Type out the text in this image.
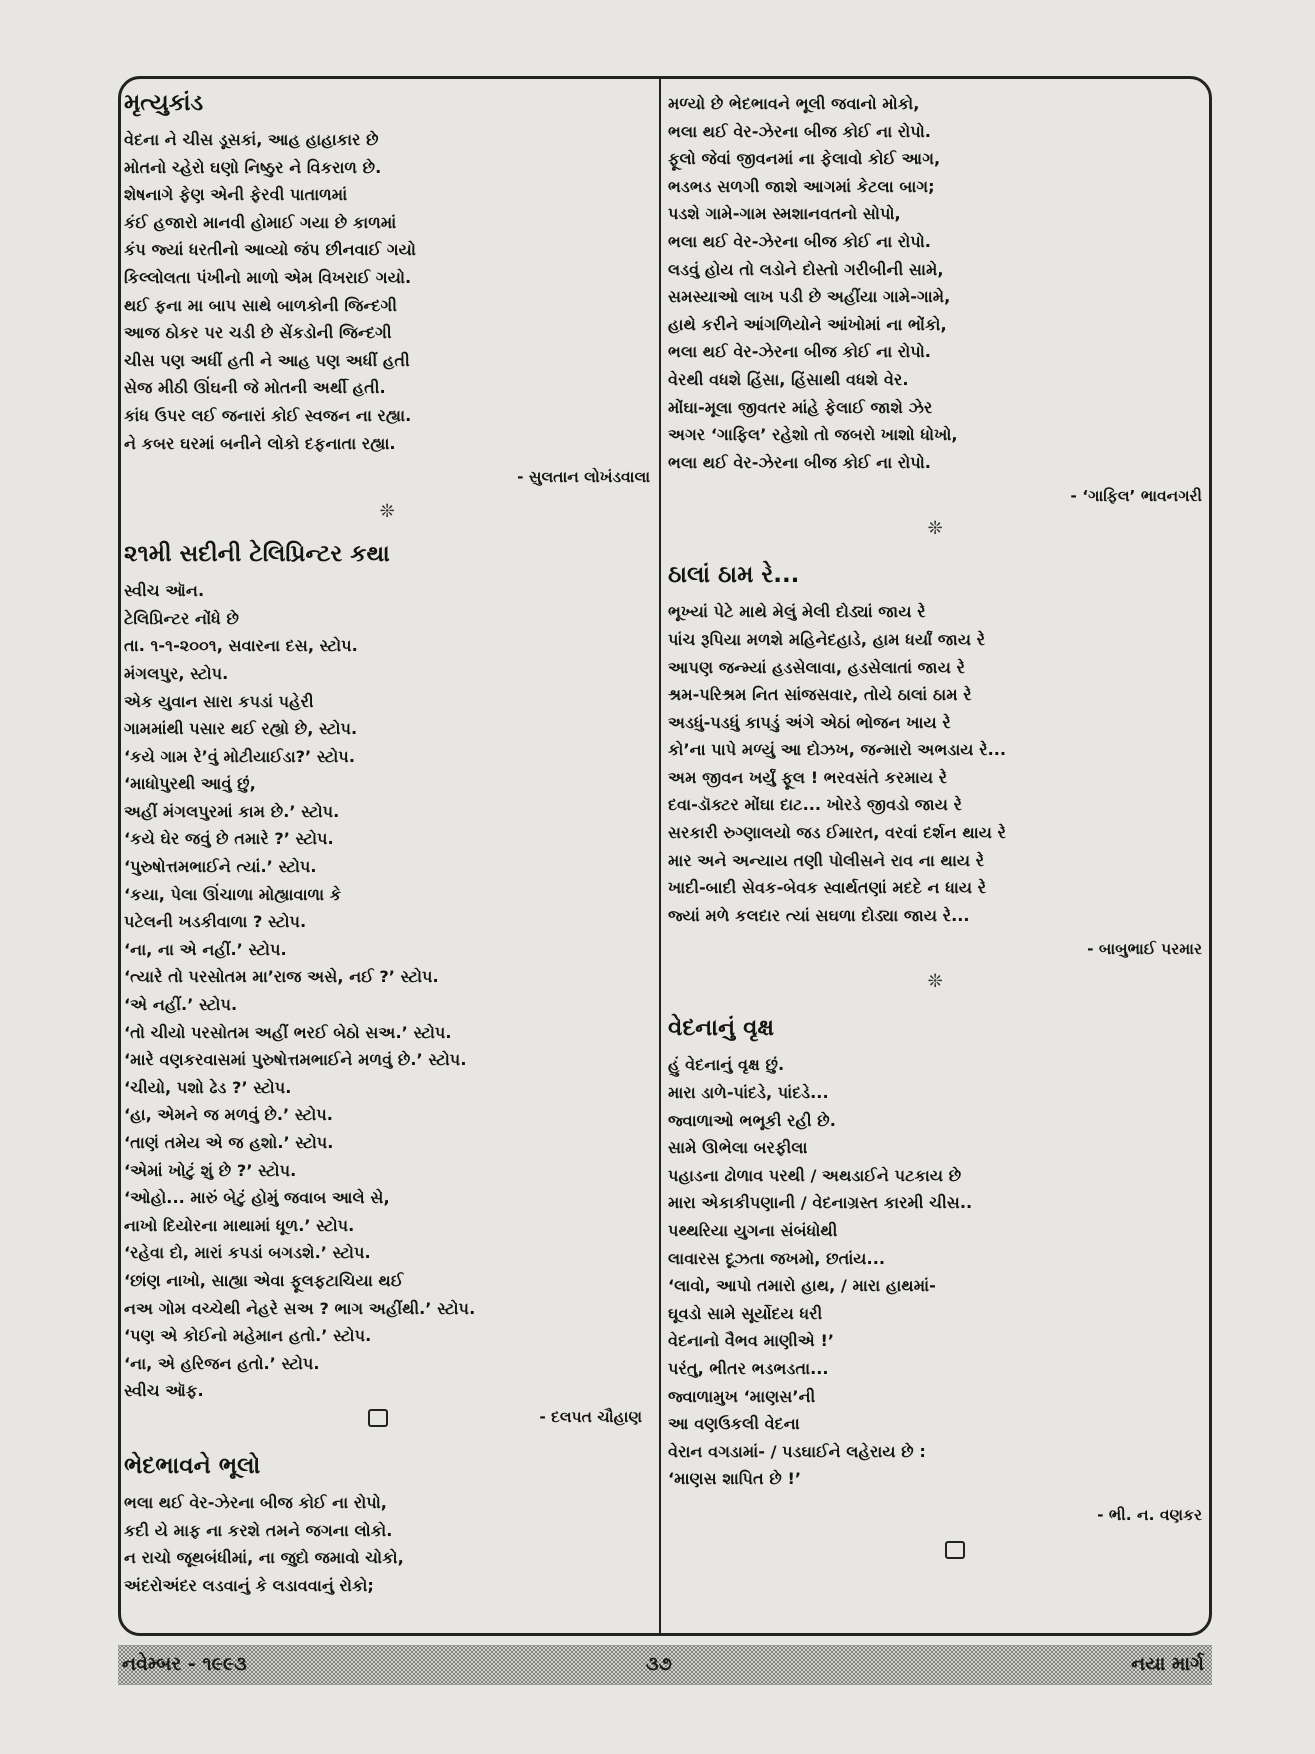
મૃત્યુકાંડ
વેદના ને ચીસ ડૂસકાં, આહ હાહાકાર છે
મોતનો ચ્હેરો ઘણો નિષ્ઠુર ને વિકરાળ છે.
શેષનાગે ફેણ એની ફેરવી પાતાળમાં
કંઈ હજારો માનવી હોમાઈ ગયા છે કાળમાં
કંપ જ્યાં ધરતીનો આવ્યો જંપ છીનવાઈ ગયો
કિલ્લોલતા પંખીનો માળો એમ વિખરાઈ ગયો.
થઈ ફના મા બાપ સાથે બાળકોની જિન્દગી
આજ ઠોકર પર ચડી છે સેંકડોની જિન્દગી
ચીસ પણ અધીં હતી ને આહ પણ અધીં હતી
સેજ મીઠી ઊંઘની જે મોતની અર્થી હતી.
કાંધ ઉપર લઈ જનારાં કોઈ સ્વજન ના રહ્યા.
ને કબર ઘરમાં બનીને લોકો દફનાતા રહ્યા.
- સુલતાન લોખંડવાલા
❊
૨૧મી સદીની ટેલિપ્રિન્ટર કથા
સ્વીચ ઑન.
ટેલિપ્રિન્ટર નોંધે છે
તા. ૧-૧-૨૦૦૧, સવારના દસ, સ્ટોપ.
મંગલપુર, સ્ટોપ.
એક યુવાન સારા કપડાં પહેરી
ગામમાંથી પસાર થઈ રહ્યો છે, સ્ટોપ.
‘કયે ગામ રે’વું મોટીયાઈડા?’ સ્ટોપ.
‘માધોપુરથી આવું છું,
અહીં મંગલપુરમાં કામ છે.’ સ્ટોપ.
‘કયે ઘેર જવું છે તમારે ?’ સ્ટોપ.
‘પુરુષોત્તમભાઈને ત્યાં.’ સ્ટોપ.
‘કયા, પેલા ઊંચાળા મોહ્યાવાળા કે
પટેલની ખડકીવાળા ? સ્ટોપ.
‘ના, ના એ નહીં.’ સ્ટોપ.
‘ત્યારે તો પરસોતમ મા’રાજ અસે, નઈ ?’ સ્ટોપ.
‘એ નહીં.’ સ્ટોપ.
‘તો ચીયો પરસોતમ અહીં ભરઈ બેઠો સઅ.’ સ્ટોપ.
‘મારે વણકરવાસમાં પુરુષોત્તમભાઈને મળવું છે.’ સ્ટોપ.
‘ચીયો, પશો ઢેડ ?’ સ્ટોપ.
‘હા, એમને જ મળવું છે.’ સ્ટોપ.
‘તાણં તમેય એ જ હશો.’ સ્ટોપ.
‘એમાં ખોટું શું છે ?’ સ્ટોપ.
‘ઓહો... મારું બેટું હોમું જવાબ આલે સે,
નાખો દિયોરના માથામાં ધૂળ.’ સ્ટોપ.
‘રહેવા દો, મારાં કપડાં બગડશે.’ સ્ટોપ.
‘છાંણ નાખો, સાહ્યા એવા ફૂલફટાચિયા થઈ
નઅ ગોમ વચ્ચેથી નેહરે સઅ ? ભાગ અહીંથી.’ સ્ટોપ.
‘પણ એ કોઈનો મહેમાન હતો.’ સ્ટોપ.
‘ના, એ હરિજન હતો.’ સ્ટોપ.
સ્વીચ ઑફ.
- દલપત ચૌહાણ
ભેદભાવને ભૂલો
ભલા થઈ વેર-ઝેરના બીજ કોઈ ના રોપો,
કદી યે માફ ના કરશે તમને જગના લોકો.
ન રાચો જૂથબંધીમાં, ના જુદો જમાવો ચોકો,
અંદરોઅંદર લડવાનું કે લડાવવાનું રોકો;
મળ્યો છે ભેદભાવને ભૂલી જવાનો મોકો,
ભલા થઈ વેર-ઝેરના બીજ કોઈ ના રોપો.
ફૂલો જેવાં જીવનમાં ના ફેલાવો કોઈ આગ,
ભડભડ સળગી જાશે આગમાં કેટલા બાગ;
પડશે ગામે-ગામ સ્મશાનવતનો સોપો,
ભલા થઈ વેર-ઝેરના બીજ કોઈ ના રોપો.
લડવું હોય તો લડોને દોસ્તો ગરીબીની સામે,
સમસ્યાઓ લાખ પડી છે અહીંયા ગામે-ગામે,
હાથે કરીને આંગળિયોને આંખોમાં ના ભોંકો,
ભલા થઈ વેર-ઝેરના બીજ કોઈ ના રોપો.
વેરથી વધશે હિંસા, હિંસાથી વધશે વેર.
મોંઘા-મૂલા જીવતર માંહે ફેલાઈ જાશે ઝેર
અગર ‘ગાફિલ’ રહેશો તો જબરો ખાશો ધોખો,
ભલા થઈ વેર-ઝેરના બીજ કોઈ ના રોપો.
- ‘ગાફિલ’ ભાવનગરી
❊
ઠાલાં ઠામ રે...
ભૂખ્યાં પેટે માથે મેલું મેલી દોડ્યાં જાય રે
પાંચ રૂપિયા મળશે મહિનેદહાડે, હામ ધર્યાં જાય રે
આપણ જન્મ્યાં હડસેલાવા, હડસેલાતાં જાય રે
શ્રમ-પરિશ્રમ નિત સાંજસવાર, તોયે ઠાલાં ઠામ રે
અડધું-પડધું કાપડું અંગે એઠાં ભોજન ખાય રે
કો’ના પાપે મળ્યું આ દોઝખ, જન્મારો અભડાય રે...
અમ જીવન ખર્યું ફૂલ ! ભરવસંતે કરમાય રે
દવા-ડૉક્ટર મોંઘા દાટ... ખોરડે જીવડો જાય રે
સરકારી રુગ્ણાલયો જડ ઈમારત, વરવાં દર્શન થાય રે
માર અને અન્યાય તણી પોલીસને રાવ ના થાય રે
ખાદી-બાદી સેવક-બેવક સ્વાર્થતણાં મદદે ન ધાય રે
જ્યાં મળે કલદાર ત્યાં સઘળા દોડ્યા જાય રે...
- બાબુભાઈ પરમાર
❊
વેદનાનું વૃક્ષ
હું વેદનાનું વૃક્ષ છું.
મારા ડાળે-પાંદડે, પાંદડે...
જ્વાળાઓ ભભૂકી રહી છે.
સામે ઊભેલા બરફીલા
પહાડના ઢોળાવ પરથી / અથડાઈને પટકાય છે
મારા એકાકીપણાની / વેદનાગ્રસ્ત કારમી ચીસ..
પથ્થરિયા યુગના સંબંધોથી
લાવારસ દૂઝતા જખમો, છતાંય...
‘લાવો, આપો તમારો હાથ, / મારા હાથમાં-
ઘૂવડો સામે સૂર્યોદય ધરી
વેદનાનો વૈભવ માણીએ !’
પરંતુ, ભીતર ભડભડતા...
જ્વાળામુખ ‘માણસ’ની
આ વણઉકલી વેદના
વેરાન વગડામાં- / પડઘાઈને લહેરાય છે :
‘માણસ શાપિત છે !’
- ભી. ન. વણકર
નવેમ્બર - ૧૯૯૩	૩૭	નયા માર્ગ
